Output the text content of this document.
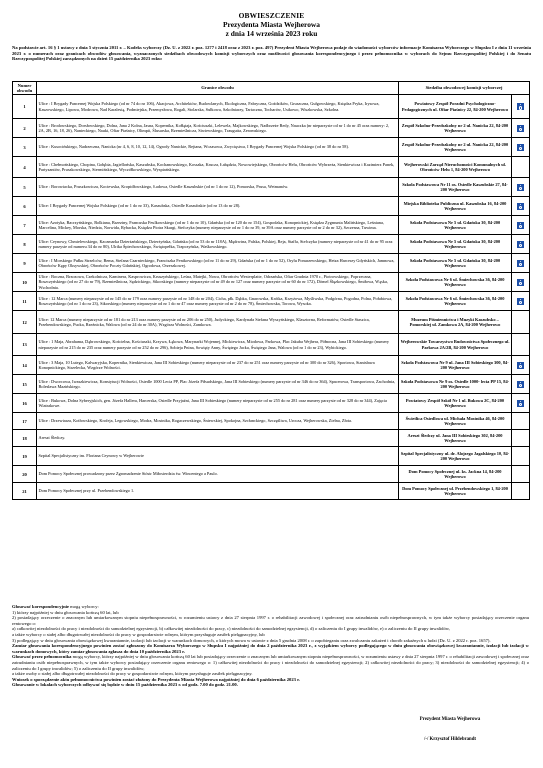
OBWIESZCZENIE
Prezydenta Miasta Wejherowa
z dnia 14 września 2023 roku
Na podstawie art. 16 § 1 ustawy z dnia 5 stycznia 2011 r. – Kodeks wyborczy (Dz. U. z 2022 r. poz. 1277 i 2418 oraz z 2023 r. poz. 497) Prezydent Miasta Wejherowa podaje do wiadomości wyborców informacje Komisarza Wyborczego w Słupsku I z dnia 11 września 2023 r. o numerach oraz granicach obwodów głosowania, wyznaczonych siedzibach obwodowych komisji wyborczych oraz możliwości głosowania korespondencyjnego i przez pełnomocnika w wyborach do Sejmu Rzeczypospolitej Polskiej i do Senatu Rzeczypospolitej Polskiej zarządzonych na dzień 15 października 2023 roku:
Numer obwodu	Granice obwodu	Siedziba obwodowej komisji wyborczej	
1	Ulice : I Brygady Pancernej Wojska Polskiego (od nr 74 do nr 106), Akacjowa, Architektów, Budowlanych, Ekologiczna, Fabryczna, Goździków, Gruszczna, Gułgowskiego, Księdza Pryka, Irysowa, Kaszowskiego, Lipowa, Modrowa, Nad Karalesią, Podmiejska, Przemysłowa, Rogali, Stolarska, Sułkowa, Szkolniarzy, Tartaczna, Tocharów, Ustkowo, Wiszkowska, Szkolna.	Powiatowy Zespół Poradni Psychologiczno-Pedagogicznych ul. Ofiar Piaśnicy 22, 84-200 Wejherowo	
2	Ulice : Brodowskiego, Dorsłowskiego, Dolna, Jana 2 Kolna, Jasna, Kopernika, Kołłątaja, Kościuszki, Lelewela, Majkowskiego, Nadbrzeże Redy, Nauczka (nr nieparzyste od nr 1 do nr 45 oraz numery: 2, 2A, 2B, 16, 18, 26), Nanieckiego, Nauki, Ofiar Piaśnicy, Olimpii, Ślusarska, Rzemieślnicza, Siwiewskiego, Traugutta, Zeromskiego.	Zespół Szkolno-Przedszkolny nr 2 ul. Nanicka 22, 84-200 Wejherowo	
3	Ulice : Kusocińskiego, Nadrzeczna, Nanicka (nr 4, 6, 8, 10, 12, 14), Ogrody Nanickie, Rejtana, Wczasowa, Zwycięstwa, I Brygady Pancernej Wojska Polskiego (od nr 38 do nr 58).	Zespół Szkolno-Przedszkolny nr 2 ul. Nanicka 22, 84-200 Wejherowo	
4	Ulice : Chełmońskiego, Chopina, Gołębia, Jagiellońska, Kaszubska, Kochanowskiego, Kossaka, Krucza, Łabędzia, Nowowiejskiego, Obrońców Helu, Obrońców Wybrzeża, Sienkiewicza i Kazimierz Panek, Partyzantów, Pruszkowskiego, Stermińskiego, Wyczółkowskiego, Wyspiańskiego.	Wejherowski Zarząd Nieruchomości Komunalnych ul. Obrońców Helu 1, 84-200 Wejherowo	
5	Ulice : Borowiacka, Pruszkowicza, Kociewska, Kropidłowskiego, Ładowa, Osiedle Kaszubskie (od nr 1 do nr 12), Pomorska, Prusa, Wetmanów.	Szkoła Podstawowa Nr 11 os. Osiedle Kaszubskie 27, 84-200 Wejherowo	
6	Ulice: I Brygady Pancernej Wojska Polskiego (od nr 1 do nr 33), Kaszubska, Osiedle Kaszubskie (od nr 13 do nr 28).	Miejska Biblioteka Publiczna ul. Kaszubska 16, 84-200 Wejherowo	
7	Ulice: Azotyka, Bacrzyńskiego, Bolkiana, Brzeziny, Francuska Feulkowskiego (od nr 1 do nr 10), Gdańska (od nr 120 do nr 154), Gospodzka, Konopnickiej, Księdza Zygmunta Malińskiego, Leśniana, Marcelina, Mickey, Morska, Niedzia, Norwida, Rybacka, Księdza Piotra Skargi, Stefczyka (numery nieparzyste od nr 1 do nr 39, nr 39A oraz numery parzyste od nr 2 do nr 32), Szczesna, Tuwima.	Szkoła Podstawowa Nr 5 ul. Gdańska 30, 84-200 Wejherowo	
8	Ulice: Ceynowy, Chmielewskiego, Kaczmarka Dzierżańskiego, Dzierżyńska, Gdańska (od nr 53 do nr 118A), Mędrwina, Palska, Polskiej, Reja, Staffa, Stefczyka (numery nieparzyste od nr 41 do nr 95 oraz numery parzyste od numeru 34 do nr 80), Ulrika Śpiechowskiego, Świętopełka, Trapczyńska, Waśkowskiego.	Szkoła Podstawowa Nr 5 ul. Gdańska 30, 84-200 Wejherowo	
9	Ulice : I Morskiego Pułku Strzelców, Bema, Stefana Czarnieckiego, Franciszka Fenikowskiego (od nr 11 do nr 29), Gdańska (od nr 1 do nr 52), Orylu Ponurzewskiego, Hetza Harcerzy Gdyńskich, Jamnowa, Obrońców Kępy Oksywskiej, Obrońców Poczty Gdańskiej, Ogrodowa, Orzeszkowej.	Szkoła Podstawowa Nr 5 ul. Gdańska 30, 84-200 Wejherowo	
10	Ulice : Boczna, Brzozowa, Czekolnicza, Kaminera, Kasprowicza, Kruszyńskiego, Leśna, Matejki, Nowa, Obrońców Westerplatte, Odrzańska, Ofiar Grudnia 1970 r., Piotrowskiego, Poprzeczna, Roszczyńskiego (od nr 27 do nr 79), Rzemieślnicza, Sędzickiego, Sikorskiego (numery nieparzyste od nr 49 do nr 127 oraz numery parzyste od nr 60 do nr 172), Dömel Ślęzkowskiego, Śmiłowa, Wąska, Wschodnia.	Szkoła Podstawowa Nr 6 ul. Śmiechowska 36, 84-200 Wejherowo	
11	Ulice : 12 Marca (numery nieparzyste od nr 145 do nr 179 oraz numery parzyste od nr 148 do nr 204), Cicha, płk. Dąbka, Gnarowska, Krótka, Krzyżowa, Myśliwska, Podgórna, Pogodna, Polna, Połabiowa, Roszczyńskiego (od nr 1 do nr 23), Sikorskiego (numery nieparzyste od nr 1 do nr 47 oraz numery parzyste od nr 2 do nr 78), Śmiechowska, Torowa, Wysoka.	Szkoła Podstawowa Nr 6 ul. Śmiechowska 36, 84-200 Wejherowo	
12	Ulice: 12 Marca (numery nieparzyste od nr 181 do nr 213 oraz numery parzyste od nr 206 do nr 250), Judyckiego, Kardynała Stefana Wyszyńskiego, Klasztorna, Reformatów, Osiedle Staszica, Przebendowskiego, Pucka, Rzeźnicka, Walowa (od nr 24 do nr 30A), Wzgórza Wolności, Zamkowa.	Muzeum Piśmiennictwa i Muzyki Kaszubsko – Pomorskiej ul. Zamkowa 2A, 84-200 Wejherowo	
13	Ulice : 1 Maja, Abrahama, Dąbrowskiego, Kościelna, Kościuszki, Krzywa, Łąkowa, Marynarki Wojennej, Mickiewicza, Miodowa, Parkowa, Plac Jakuba Wejhera, Północna, Jana III Sobieskiego (numery nieparzyste od nr 215 do nr 235 oraz numery parzyste od nr 252 do nr 296), Sobieja Pnina, Sowięty Anny, Świętego Jacka, Świętego Jana, Walowa (od nr 1 do nr 23), Wybickiego.	Wejherowskie Towarzystwo Budownictwa Społecznego ul. Parkowa 2A/2B, 84-200 Wejherowo	
14	Ulice : 3 Maja, 10 Lutego, Kalwaryjska, Kopernika, Sienkiewicza, Jana III Sobieskiego (numery nieparzyste od nr 237 do nr 251 oraz numery parzyste od nr 300 do nr 326), Sportowa, Stanisława Konopnickiego, Strzelecka, Wzgórze Wolności.	Szkoła Podstawowa Nr 9 ul. Jana III Sobieskiego 300, 84-200 Wejherowo	
15	Ulice : Dworcowa, Iwaszkiewicza, Konstytucji Wolności, Osiedle 1000 Lecia PP, Plac Józefa Piłsudskiego, Jana III Sobieskiego (numery parzyste od nr 346 do nr 364), Spacerowa, Transportowa, Zachodnia, Bolesława Mazińskiego.	Szkoła Podstawowa Nr 9 os. Osiedle 1000- lecia PP 15, 84-200 Wejherowo	
16	Ulice : Bukowa, Dolna Syberyjskich, gen. Józefa Hallera, Harcerska, Osiedle Przyjaźni, Jana III Sobieskiego (numery nieparzyste od nr 255 do nr 281 oraz numery parzyste od nr 328 do nr 344), Zajęcia Wiatrakowe.	Powiatowy Zespół Szkół Nr 1 ul. Bukowa 2C, 84-200 Wejherowo	
17	Ulice : Drzewiarza, Kotłowskiego, Krofeja, Legowskiego, Modra, Mostnika, Rogaczewskiego, Śniewskiej, Spokojna, Szcłanckiego, Szczęśliwa, Urocza, Wejherowska, Zielna, Złota.	Świetlica Osiedlowa ul. Michała Mostnika 46, 84-200 Wejherowo	
18	Areszt Śledczy.	Areszt Śledczy ul. Jana III Sobieskiego 302, 84-200 Wejherowo	
19	Szpital Specjalistyczny im. Floriana Ceynowy w Wejherowie	Szpital Specjalistyczny ul. dr. Alojzego Jagalskiego 10, 84-200 Wejherowo	
20	Dom Pomocy Społecznej prowadzony przez Zgromadzenie Sióstr Miłosierdzia św. Wincentego a Paulo.	Dom Pomocy Społecznej ul. ks. Jackna 14, 84-200 Wejherowo	
21	Dom Pomocy Społecznej przy ul. Przebendowskiego 1.	Dom Pomocy Społecznej ul. Przebendowskiego 1, 84-200 Wejherowo	

Głosować korespondencyjnie mogą wyborcy:

1) którzy najpóźniej w dniu głosowania kończą 60 lat, lub

2) posiadający orzeczenie o znacznym lub umiarkowanym stopniu niepełnosprawności, w rozumieniu ustawy z dnia 27 sierpnia 1997 r. o rehabilitacji zawodowej i społecznej oraz zatrudnianiu osób niepełnosprawnych, w tym także wyborcy posiadający orzeczenie organu rentowego o:

a) całkowitej niezdolności do pracy i niezdolności do samodzielnej egzystencji, b) całkowitej niezdolności do pracy, c) niezdolności do samodzielnej egzystencji, d) o zaliczeniu do I grupy inwalidów, e) o zaliczeniu do II grupy inwalidów,

a także wyborcy o stałej albo długotrwałej niezdolności do pracy w gospodarstwie rolnym, którym przysługuje zasiłek pielęgnacyjny, lub

3) podlegający w dniu głosowania obowiązkowej kwarantannie, izolacji lub izolacji w warunkach domowych, o których mowa w ustawie z dnia 5 grudnia 2008 r. o zapobieganiu oraz zwalczaniu zakażeń i chorób zakaźnych u ludzi (Dz. U. z 2022 r. poz. 1657).

Zamiar głosowania korespondencyjnego powinien zostać zgłoszony do Komisarza Wyborczego w Słupsku I najpóźniej do dnia 2 października 2023 r., z wyjątkiem wyborcy podlegającego w dniu głosowania obowiązkowej kwarantannie, izolacji lub izolacji w warunkach domowych, który zamiar głosowania zgłasza do dnia 10 października 2023 r.

Głosować przez pełnomocnika mogą wyborcy, którzy najpóźniej w dniu głosowania kończą 60 lat lub posiadający orzeczenie o znacznym lub umiarkowanym stopniu niepełnosprawności, w rozumieniu ustawy z dnia 27 sierpnia 1997 r. o rehabilitacji zawodowej i społecznej oraz zatrudnianiu osób niepełnosprawnych, w tym także wyborcy posiadający orzeczenie organu rentowego o: 1) całkowitej niezdolności do pracy i niezdolności do samodzielnej egzystencji; 2) całkowitej niezdolności do pracy; 3) niezdolności do samodzielnej egzystencji; 4) o zaliczeniu do I grupy inwalidów; 5) o zaliczeniu do II grupy inwalidów;

a także osoby o stałej albo długotrwałej niezdolności do pracy w gospodarstwie rolnym, którym przysługuje zasiłek pielęgnacyjny.

Wniosek o sporządzenie aktu pełnomocnictwa powinien zostać złożony do Prezydenta Miasta Wejherowa najpóźniej do dnia 6 października 2023 r.

Głosowanie w lokalach wyborczych odbywać się będzie w dniu 15 października 2023 r. od godz. 7.00 do godz. 21.00.

Prezydent Miasta Wejherowa
/-/ Krzysztof Hildebrandt
